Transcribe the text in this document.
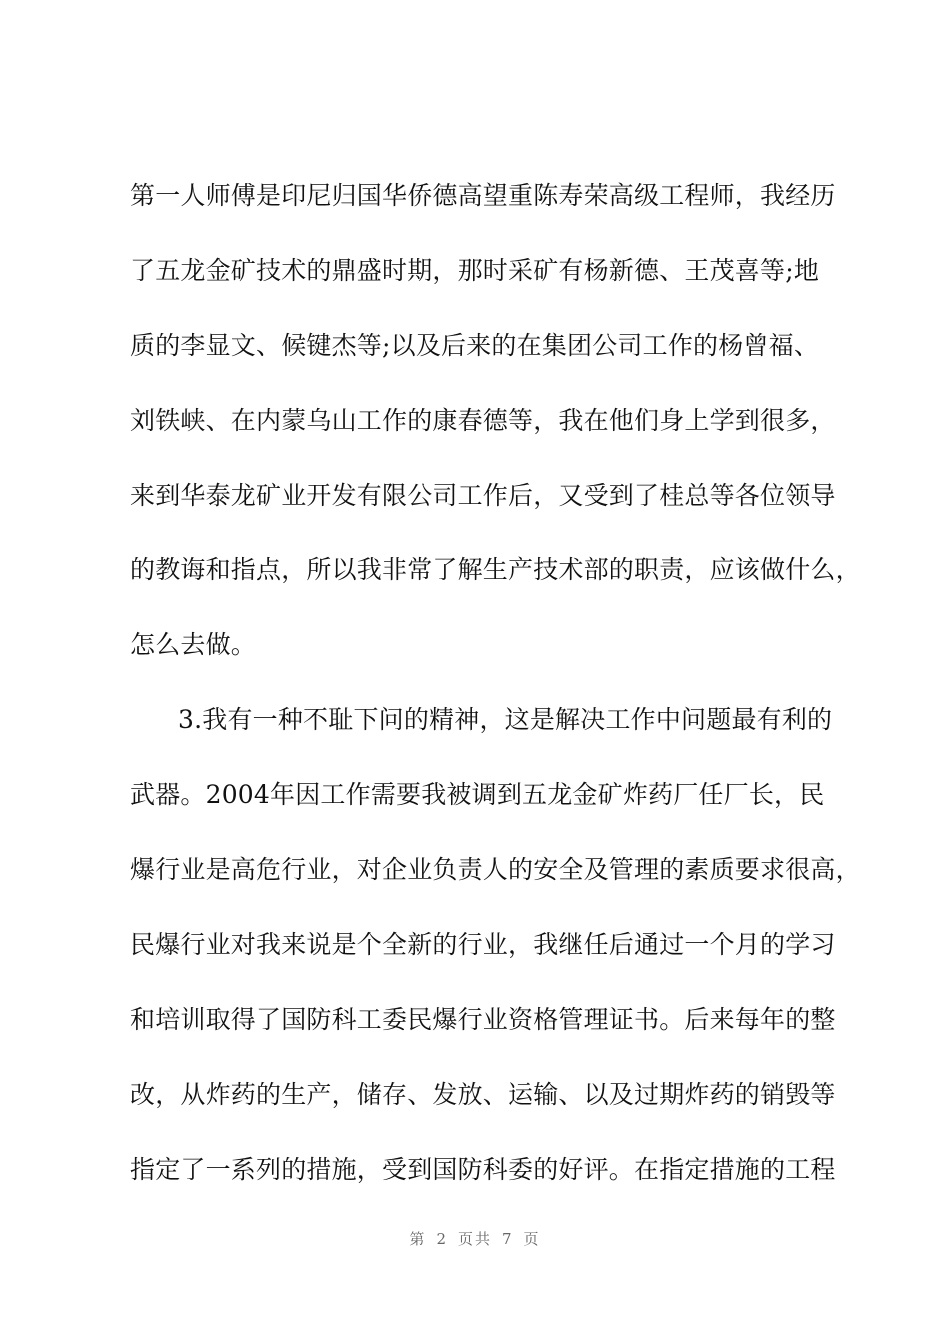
第一人师傅是印尼归国华侨德高望重陈寿荣高级工程师，我经历
了五龙金矿技术的鼎盛时期，那时采矿有杨新德、王茂喜等;地
质的李显文、候键杰等;以及后来的在集团公司工作的杨曾福、
刘铁峡、在内蒙乌山工作的康春德等，我在他们身上学到很多，
来到华泰龙矿业开发有限公司工作后，又受到了桂总等各位领导
的教诲和指点，所以我非常了解生产技术部的职责，应该做什么，
怎么去做。
3.我有一种不耻下问的精神，这是解决工作中问题最有利的
武器。2004年因工作需要我被调到五龙金矿炸药厂任厂长，民
爆行业是高危行业，对企业负责人的安全及管理的素质要求很高，
民爆行业对我来说是个全新的行业，我继任后通过一个月的学习
和培训取得了国防科工委民爆行业资格管理证书。后来每年的整
改，从炸药的生产，储存、发放、运输、以及过期炸药的销毁等
指定了一系列的措施，受到国防科委的好评。在指定措施的工程
第 2 页共 7 页
